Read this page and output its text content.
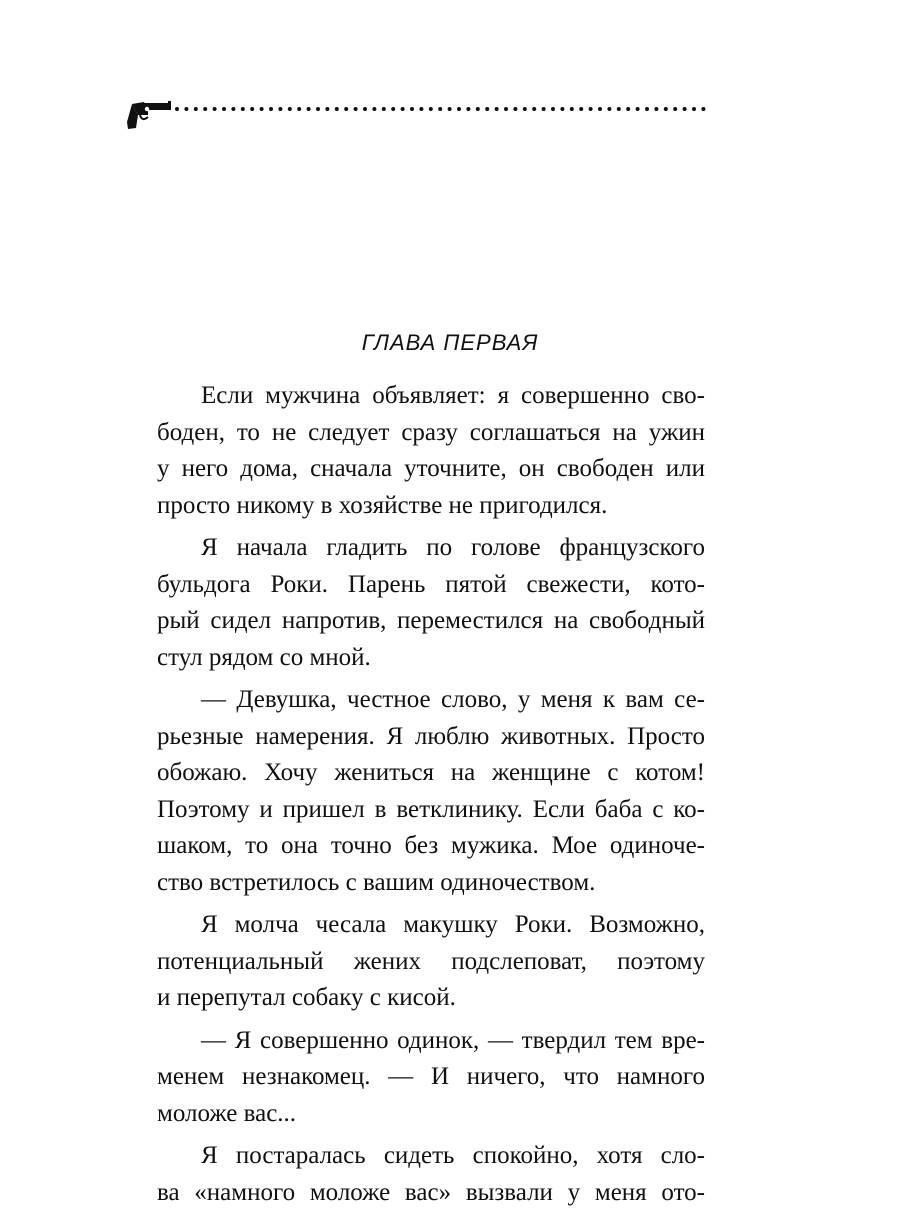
ГЛАВА ПЕРВАЯ

Если мужчина объявляет: я совершенно сво-
боден, то не следует сразу соглашаться на ужин
у него дома, сначала уточните, он свободен или
просто никому в хозяйстве не пригодился.

Я начала гладить по голове французского
бульдога Роки. Парень пятой свежести, кото-
рый сидел напротив, переместился на свободный
стул рядом со мной.

— Девушка, честное слово, у меня к вам се-
рьезные намерения. Я люблю животных. Просто
обожаю. Хочу жениться на женщине с котом!
Поэтому и пришел в ветклинику. Если баба с ко-
шаком, то она точно без мужика. Мое одиноче-
ство встретилось с вашим одиночеством.

Я молча чесала макушку Роки. Возможно,
потенциальный жених подслеповат, поэтому
и перепутал собаку с кисой.

— Я совершенно одинок, — твердил тем вре-
менем незнакомец. — И ничего, что намного
моложе вас...

Я постаралась сидеть спокойно, хотя сло-
ва «намного моложе вас» вызвали у меня ото-
